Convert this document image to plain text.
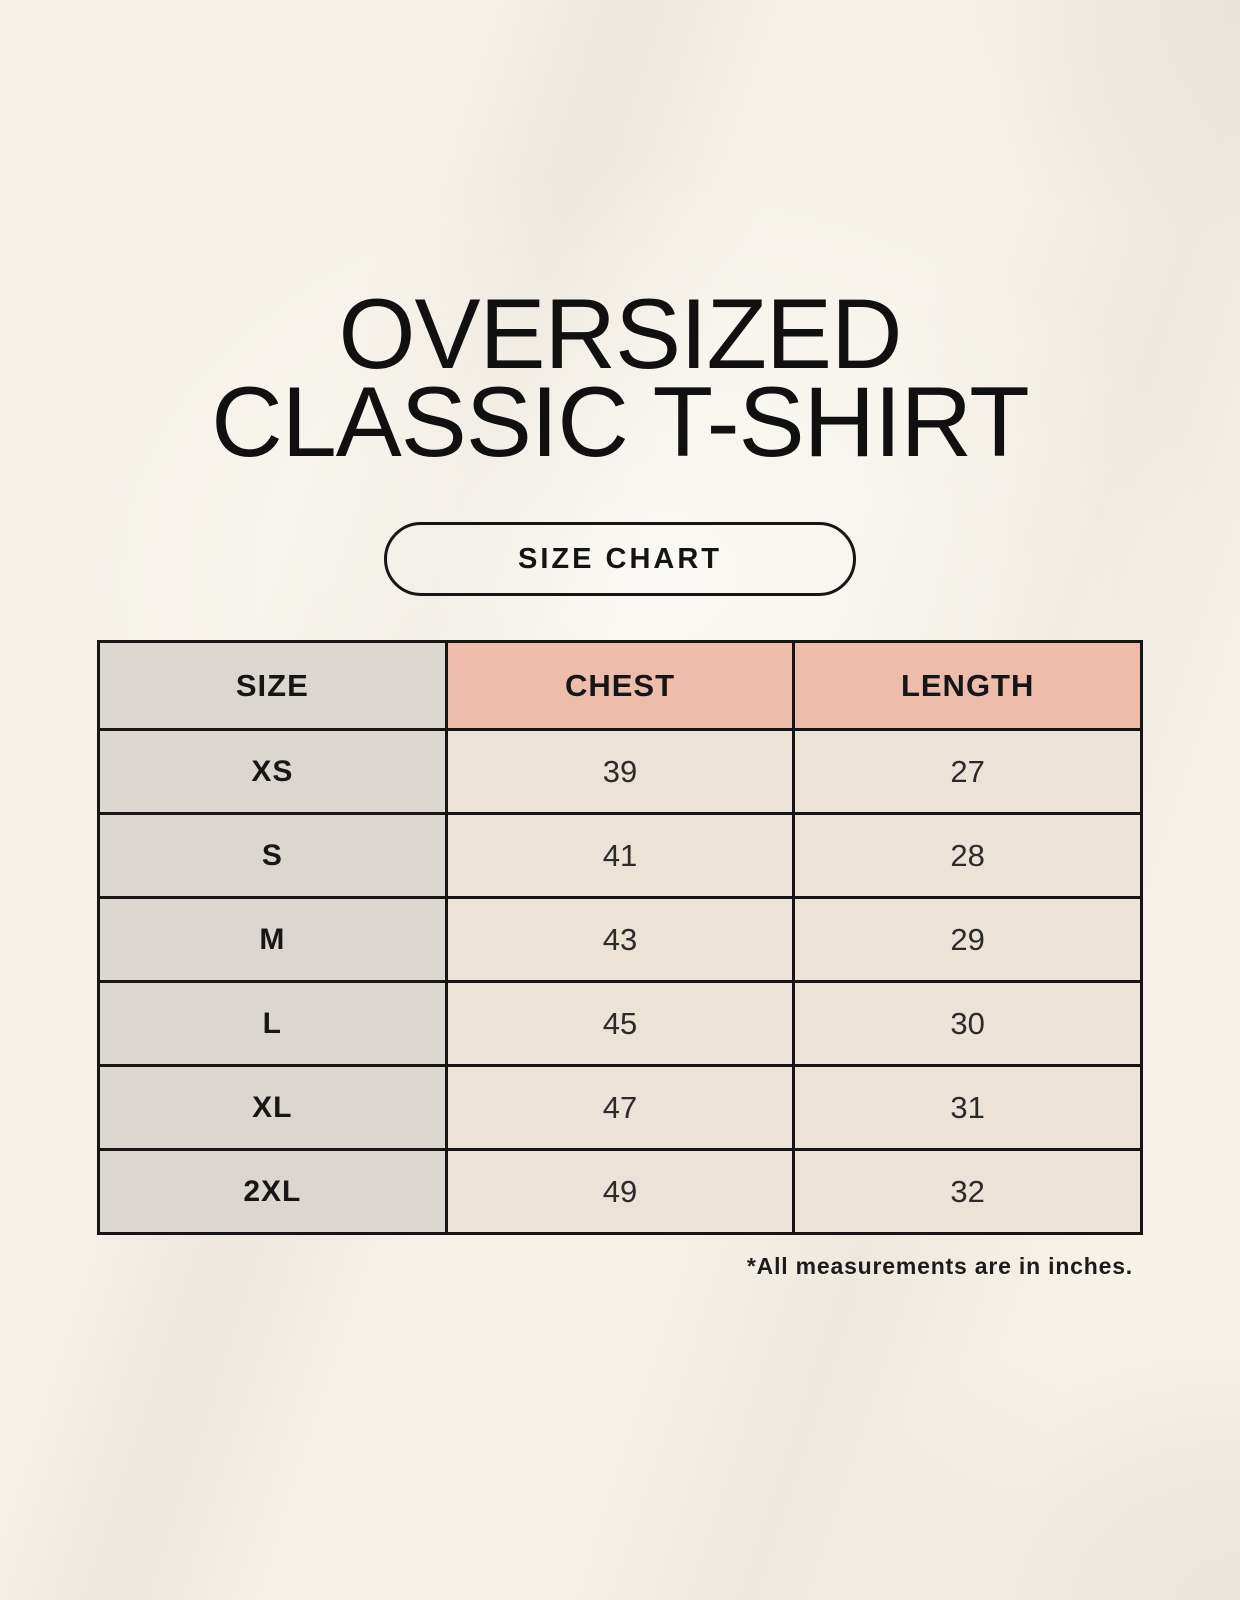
OVERSIZED
CLASSIC T-SHIRT
SIZE CHART
SIZE	CHEST	LENGTH
XS	39	27
S	41	28
M	43	29
L	45	30
XL	47	31
2XL	49	32
*All measurements are in inches.
